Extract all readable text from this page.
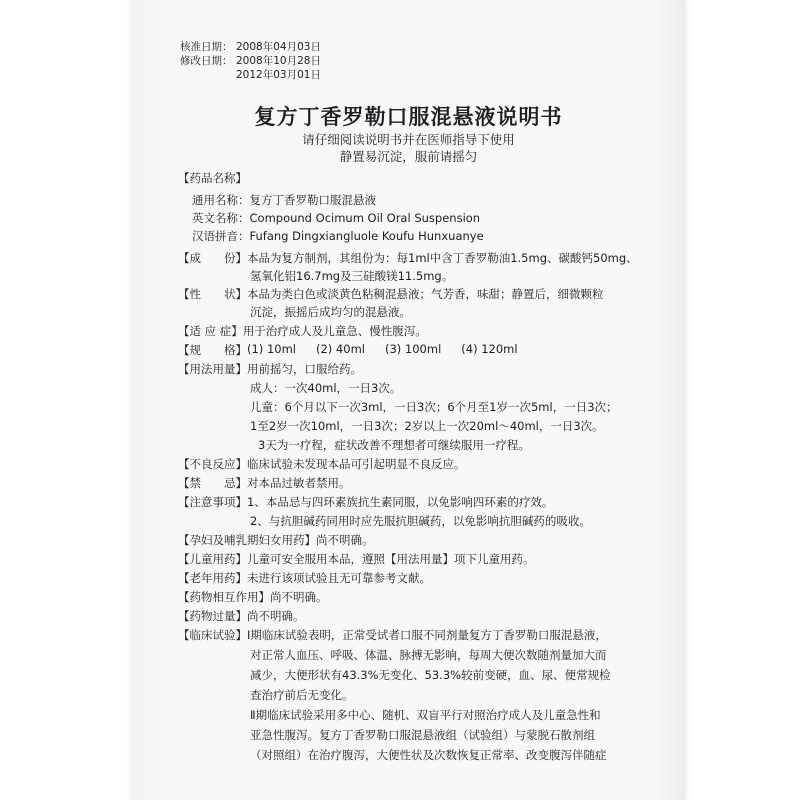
核准日期： 2008年04月03日
修改日期： 2008年10月28日
2012年03月01日
复方丁香罗勒口服混悬液说明书
请仔细阅读说明书并在医师指导下使用
静置易沉淀，服前请摇匀
【药品名称】
通用名称：复方丁香罗勒口服混悬液
英文名称：Compound Ocimum Oil Oral Suspension
汉语拼音：Fufang Dingxiangluole Koufu Hunxuanye
【成　　份】本品为复方制剂，其组份为：每1ml中含丁香罗勒油1.5mg、碳酸钙50mg、
氢氧化铝16.7mg及三硅酸镁11.5mg。
【性　　状】本品为类白色或淡黄色粘稠混悬液；气芳香，味甜；静置后，细微颗粒
沉淀，振摇后成均匀的混悬液。
【适 应 症】用于治疗成人及儿童急、慢性腹泻。
【规　　格】 (1) 10ml (2) 40ml (3) 100ml (4) 120ml
【用法用量】用前摇匀，口服给药。
成人：一次40ml，一日3次。
儿童：6个月以下一次3ml，一日3次；6个月至1岁一次5ml，一日3次；
1至2岁一次10ml，一日3次；2岁以上一次20ml～40ml，一日3次。
3天为一疗程，症状改善不理想者可继续服用一疗程。
【不良反应】临床试验未发现本品可引起明显不良反应。
【禁　　忌】对本品过敏者禁用。
【注意事项】1、本品忌与四环素族抗生素同服，以免影响四环素的疗效。
2、与抗胆碱药同用时应先服抗胆碱药，以免影响抗胆碱药的吸收。
【孕妇及哺乳期妇女用药】尚不明确。
【儿童用药】儿童可安全服用本品，遵照【用法用量】项下儿童用药。
【老年用药】未进行该项试验且无可靠参考文献。
【药物相互作用】尚不明确。
【药物过量】尚不明确。
【临床试验】Ⅰ期临床试验表明，正常受试者口服不同剂量复方丁香罗勒口服混悬液，
对正常人血压、呼吸、体温、脉搏无影响，每周大便次数随剂量加大而
减少，大便形状有43.3%无变化、53.3%较前变硬，血、尿、便常规检
查治疗前后无变化。
Ⅱ期临床试验采用多中心、随机、双盲平行对照治疗成人及儿童急性和
亚急性腹泻。复方丁香罗勒口服混悬液组（试验组）与蒙脱石散剂组
（对照组）在治疗腹泻，大便性状及次数恢复正常率、改变腹泻伴随症
